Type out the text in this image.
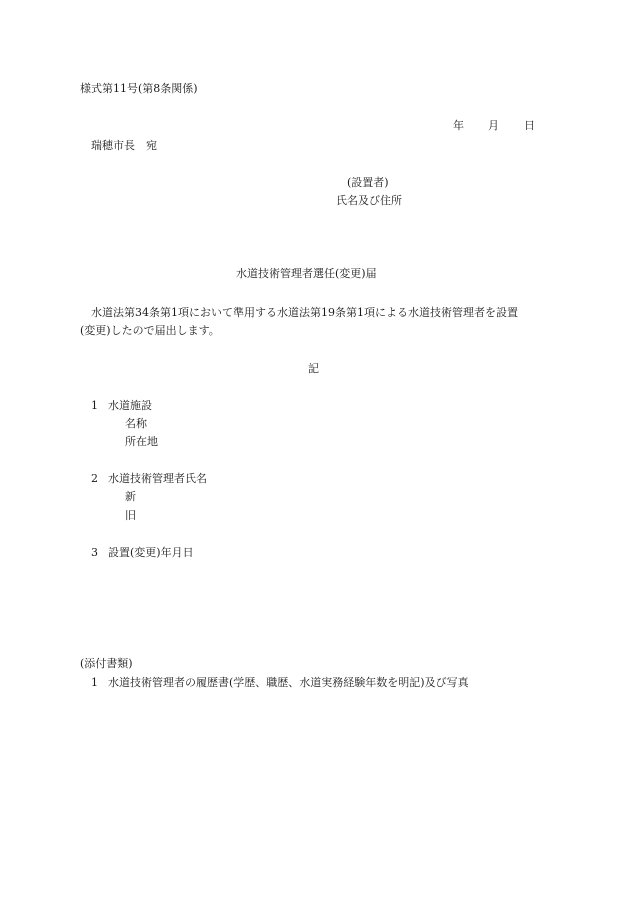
様式第11号(第8条関係)

年 月 日

瑞穂市長　宛

(設置者)

氏名及び住所

水道技術管理者選任(変更)届

水道法第34条第1項において準用する水道法第19条第1項による水道技術管理者を設置

(変更)したので届出します。

記

1 水道施設
名称
所在地
2 水道技術管理者氏名
新
旧
3 設置(変更)年月日

(添付書類)

1 水道技術管理者の履歴書(学歴、職歴、水道実務経験年数を明記)及び写真
